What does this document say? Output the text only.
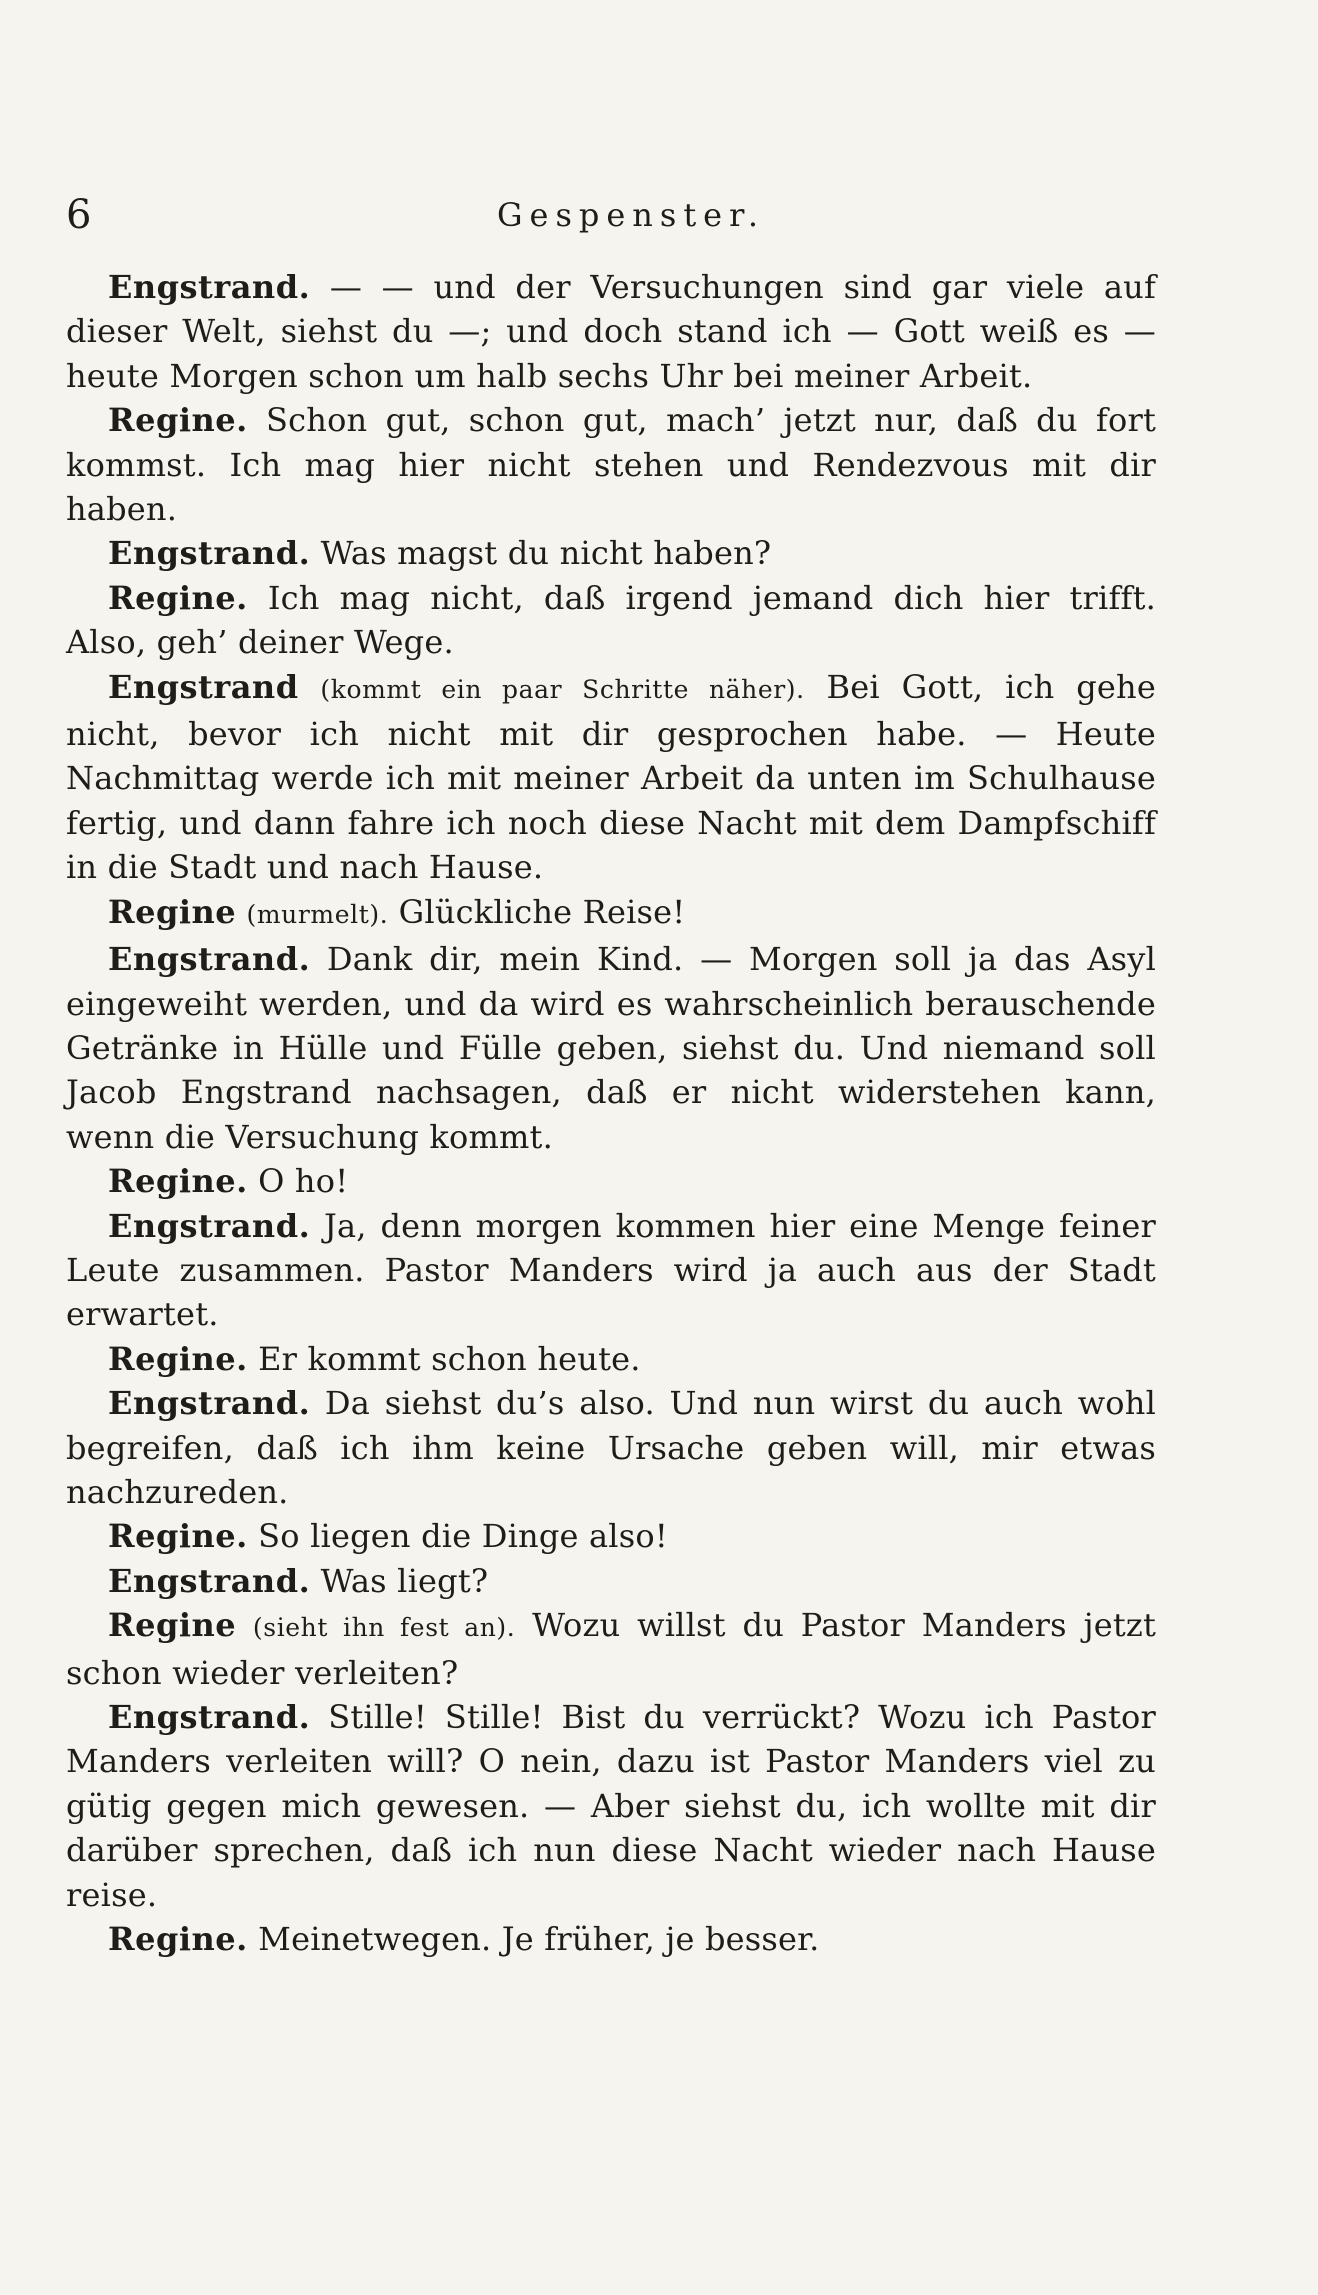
6	Gespenster.

Engstrand. — — und der Versuchungen sind gar viele auf dieser Welt, siehst du —; und doch stand ich — Gott weiß es — heute Morgen schon um halb sechs Uhr bei meiner Arbeit.

Regine. Schon gut, schon gut, mach’ jetzt nur, daß du fort kommst. Ich mag hier nicht stehen und Rendezvous mit dir haben.

Engstrand. Was magst du nicht haben?

Regine. Ich mag nicht, daß irgend jemand dich hier trifft. Also, geh’ deiner Wege.

Engstrand (kommt ein paar Schritte näher). Bei Gott, ich gehe nicht, bevor ich nicht mit dir gesprochen habe. — Heute Nachmittag werde ich mit meiner Arbeit da unten im Schulhause fertig, und dann fahre ich noch diese Nacht mit dem Dampfschiff in die Stadt und nach Hause.

Regine (murmelt). Glückliche Reise!

Engstrand. Dank dir, mein Kind. — Morgen soll ja das Asyl eingeweiht werden, und da wird es wahrscheinlich berauschende Getränke in Hülle und Fülle geben, siehst du. Und niemand soll Jacob Engstrand nachsagen, daß er nicht widerstehen kann, wenn die Versuchung kommt.

Regine. O ho!

Engstrand. Ja, denn morgen kommen hier eine Menge feiner Leute zusammen. Pastor Manders wird ja auch aus der Stadt erwartet.

Regine. Er kommt schon heute.

Engstrand. Da siehst du’s also. Und nun wirst du auch wohl begreifen, daß ich ihm keine Ursache geben will, mir etwas nachzureden.

Regine. So liegen die Dinge also!

Engstrand. Was liegt?

Regine (sieht ihn fest an). Wozu willst du Pastor Manders jetzt schon wieder verleiten?

Engstrand. Stille! Stille! Bist du verrückt? Wozu ich Pastor Manders verleiten will? O nein, dazu ist Pastor Manders viel zu gütig gegen mich gewesen. — Aber siehst du, ich wollte mit dir darüber sprechen, daß ich nun diese Nacht wieder nach Hause reise.

Regine. Meinetwegen. Je früher, je besser.
